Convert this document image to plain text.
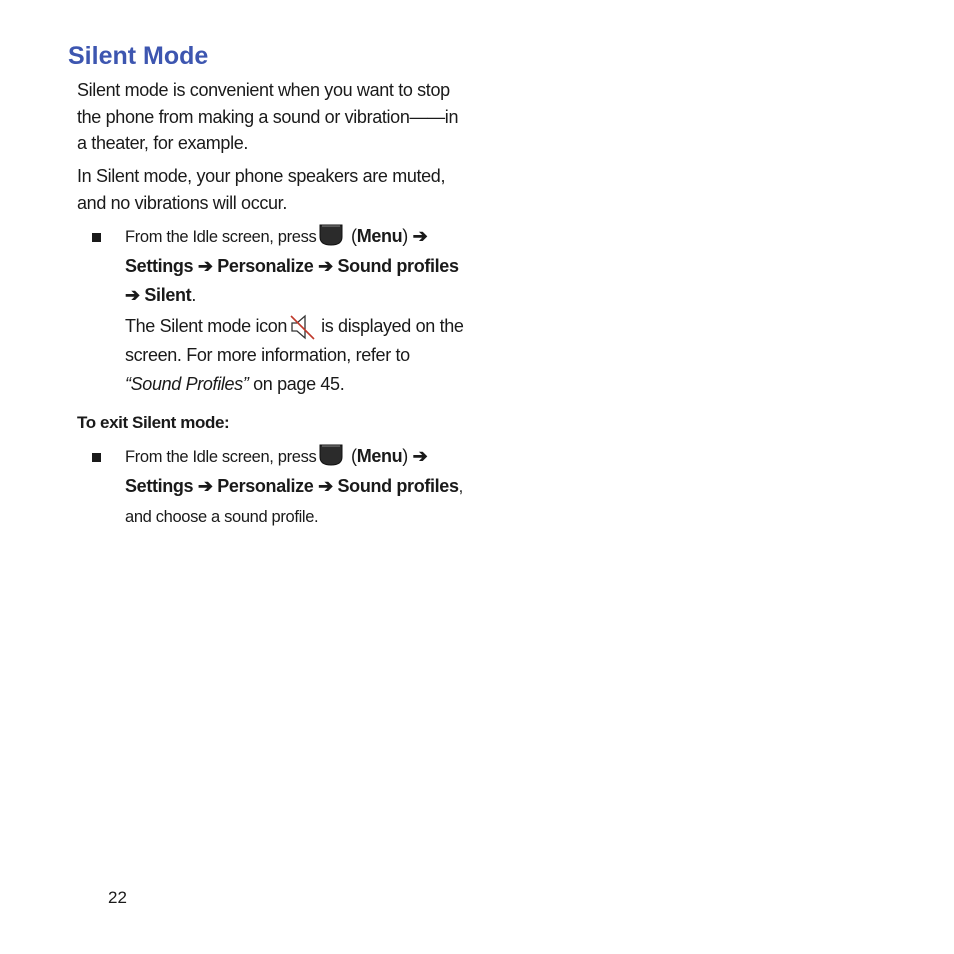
Silent Mode

Silent mode is convenient when you want to stop the phone from making a sound or vibration——in a theater, for example.

In Silent mode, your phone speakers are muted, and no vibrations will occur.

From the Idle screen, press (Menu) ➔ Settings ➔ Personalize ➔ Sound profiles ➔ Silent.

The Silent mode icon is displayed on the screen. For more information, refer to “Sound Profiles” on page 45.

To exit Silent mode:

From the Idle screen, press (Menu) ➔ Settings ➔ Personalize ➔ Sound profiles, and choose a sound profile.

22
